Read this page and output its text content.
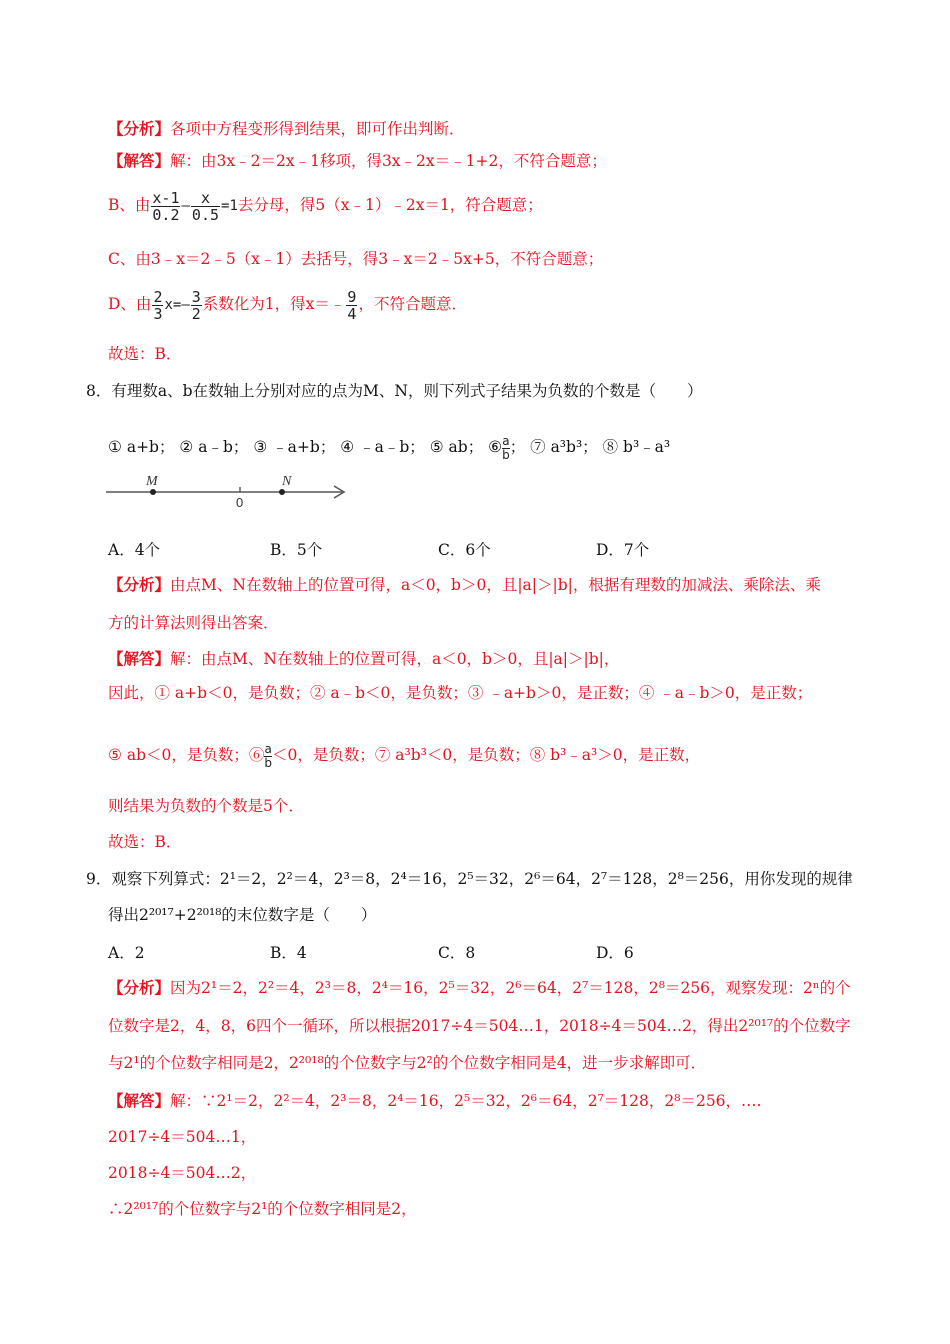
【分析】各项中方程变形得到结果，即可作出判断．
【解答】解：由3x﹣2＝2x﹣1移项，得3x﹣2x＝﹣1+2，不符合题意；
B、由 $\frac{x-1}{0.2} - \frac{x}{0.5} =1$去分母，得5（x﹣1）﹣2x＝1，符合题意；
C、由3﹣x＝2﹣5（x﹣1）去括号，得3﹣x＝2﹣5x+5，不符合题意；
D、由 $\frac{2}{3} x=- \frac{3}{2}$ 系数化为1，得x＝﹣ $\frac{9}{4}$ ，不符合题意．
故选：B．
8．有理数a、b在数轴上分别对应的点为M、N，则下列式子结果为负数的个数是（　　）
① a+b； ② a﹣b； ③ ﹣a+b； ④ ﹣a﹣b； ⑤ ab； ⑥ $\frac{a}{b}$ ； ⑦ a³b³； ⑧ b³﹣a³
M	N
0
A．4个	B．5个	C．6个	D．7个
【分析】由点M、N在数轴上的位置可得，a＜0，b＞0，且|a|＞|b|，根据有理数的加减法、乘除法、乘
方的计算法则得出答案．
【解答】解：由点M、N在数轴上的位置可得，a＜0，b＞0，且|a|＞|b|，
因此，① a+b＜0，是负数；② a﹣b＜0，是负数；③ ﹣a+b＞0，是正数；④ ﹣a﹣b＞0，是正数；
⑤ ab＜0，是负数；⑥ $\frac{a}{b} <0$，是负数；⑦ a³b³＜0，是负数；⑧ b³﹣a³＞0，是正数，
则结果为负数的个数是5个．
故选：B．
9．观察下列算式：2¹＝2，2²＝4，2³＝8，2⁴＝16，2⁵＝32，2⁶＝64，2⁷＝128，2⁸＝256，用你发现的规律
得出2²⁰¹⁷+2²⁰¹⁸的末位数字是（　　）
A．2	B．4	C．8	D．6
【分析】因为2¹＝2，2²＝4，2³＝8，2⁴＝16，2⁵＝32，2⁶＝64，2⁷＝128，2⁸＝256，观察发现：2ⁿ的个
位数字是2，4，8，6四个一循环，所以根据2017÷4＝504…1，2018÷4＝504…2，得出2²⁰¹⁷的个位数字
与2¹的个位数字相同是2，2²⁰¹⁸的个位数字与2²的个位数字相同是4，进一步求解即可．
【解答】解：∵2¹＝2，2²＝4，2³＝8，2⁴＝16，2⁵＝32，2⁶＝64，2⁷＝128，2⁸＝256，….
2017÷4＝504…1，
2018÷4＝504…2，
∴2²⁰¹⁷的个位数字与2¹的个位数字相同是2，
